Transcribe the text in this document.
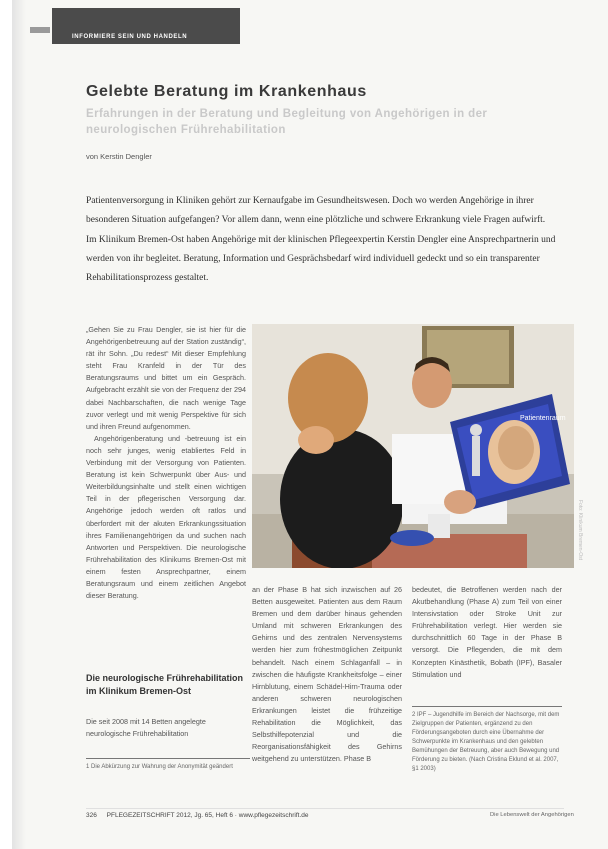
INFORMIERE SEIN UND HANDELN
Gelebte Beratung im Krankenhaus
Erfahrungen in der Beratung und Begleitung von Angehörigen in der neurologischen Frührehabilitation
von Kerstin Dengler
Patientenversorgung in Kliniken gehört zur Kernaufgabe im Gesundheitswesen. Doch wo werden Angehörige in ihrer besonderen Situation aufgefangen? Vor allem dann, wenn eine plötzliche und schwere Erkrankung viele Fragen aufwirft. Im Klinikum Bremen-Ost haben Angehörige mit der klinischen Pflegeexpertin Kerstin Dengler eine Ansprechpartnerin und werden von ihr begleitet. Beratung, Information und Gesprächsbedarf wird individuell gedeckt und so ein transparenter Rehabilitationsprozess gestaltet.

„Gehen Sie zu Frau Dengler, sie ist hier für die Angehörigenbetreuung auf der Station zuständig“, rät ihr Sohn. „Du redest“ Mit dieser Empfehlung steht Frau Kranfeld in der Tür des Beratungsraums und bittet um ein Gespräch. Aufgebracht erzählt sie von der Frequenz der 294 dabei Nachbarschaften, die nach wenige Tage zuvor verlegt und mit wenig Perspektive für sich und ihren Freund aufgenommen.

Angehörigenberatung und -betreuung ist ein noch sehr junges, wenig etabliertes Feld in Verbindung mit der Versorgung von Patienten. Beratung ist kein Schwerpunkt über Aus- und Weiterbildungsinhalte und stellt einen wichtigen Teil in der pflegerischen Versorgung dar. Angehörige jedoch werden oft ratlos und überfordert mit der akuten Erkrankungssituation ihres Familienangehörigen da und suchen nach Antworten und Perspektiven. Die neurologische Frührehabilitation des Klinikums Bremen-Ost mit einem festen Ansprechpartner, einem Beratungsraum und einem zeitlichen Angebot dieser Beratung.

Die neurologische Frührehabilitation im Klinikum Bremen-Ost
Die seit 2008 mit 14 Betten angelegte neurologische Frührehabilitation
1 Die Abkürzung zur Wahrung der Anonymität geändert
Patientenraum
Foto: Klinikum Bremen-Ost
an der Phase B hat sich inzwischen auf 26 Betten ausgeweitet. Patienten aus dem Raum Bremen und dem darüber hinaus gehenden Umland mit schweren Erkrankungen des Gehirns und des zentralen Nervensystems werden hier zum frühestmöglichen Zeitpunkt behandelt. Nach einem Schlaganfall – in zwischen die häufigste Krankheitsfolge – einer Hirnblutung, einem Schädel-Hirn-Trauma oder anderen schweren neurologischen Erkrankungen leistet die frühzeitige Rehabilitation die Möglichkeit, das Selbsthilfepotenzial und die Reorganisationsfähigkeit des Gehirns weitgehend zu unterstützen. Phase B
bedeutet, die Betroffenen werden nach der Akutbehandlung (Phase A) zum Teil von einer Intensivstation oder Stroke Unit zur Frührehabilitation verlegt. Hier werden sie durchschnittlich 60 Tage in der Phase B versorgt. Die Pflegenden, die mit dem Konzepten Kinästhetik, Bobath (IPF), Basaler Stimulation und
2 IPF – Jugendhilfe im Bereich der Nachsorge, mit dem Zielgruppen der Patienten, ergänzend zu den Förderungsangeboten durch eine Übernahme der Schwerpunkte im Krankenhaus und den gelebten Bemühungen der Betreuung, aber auch Bewegung und Förderung zu bieten. (Nach Cristina Eklund et al. 2007, §1 2003)
326 PFLEGEZEITSCHRIFT 2012, Jg. 65, Heft 6 · www.pflegezeitschrift.de	Die Lebenswelt der Angehörigen
